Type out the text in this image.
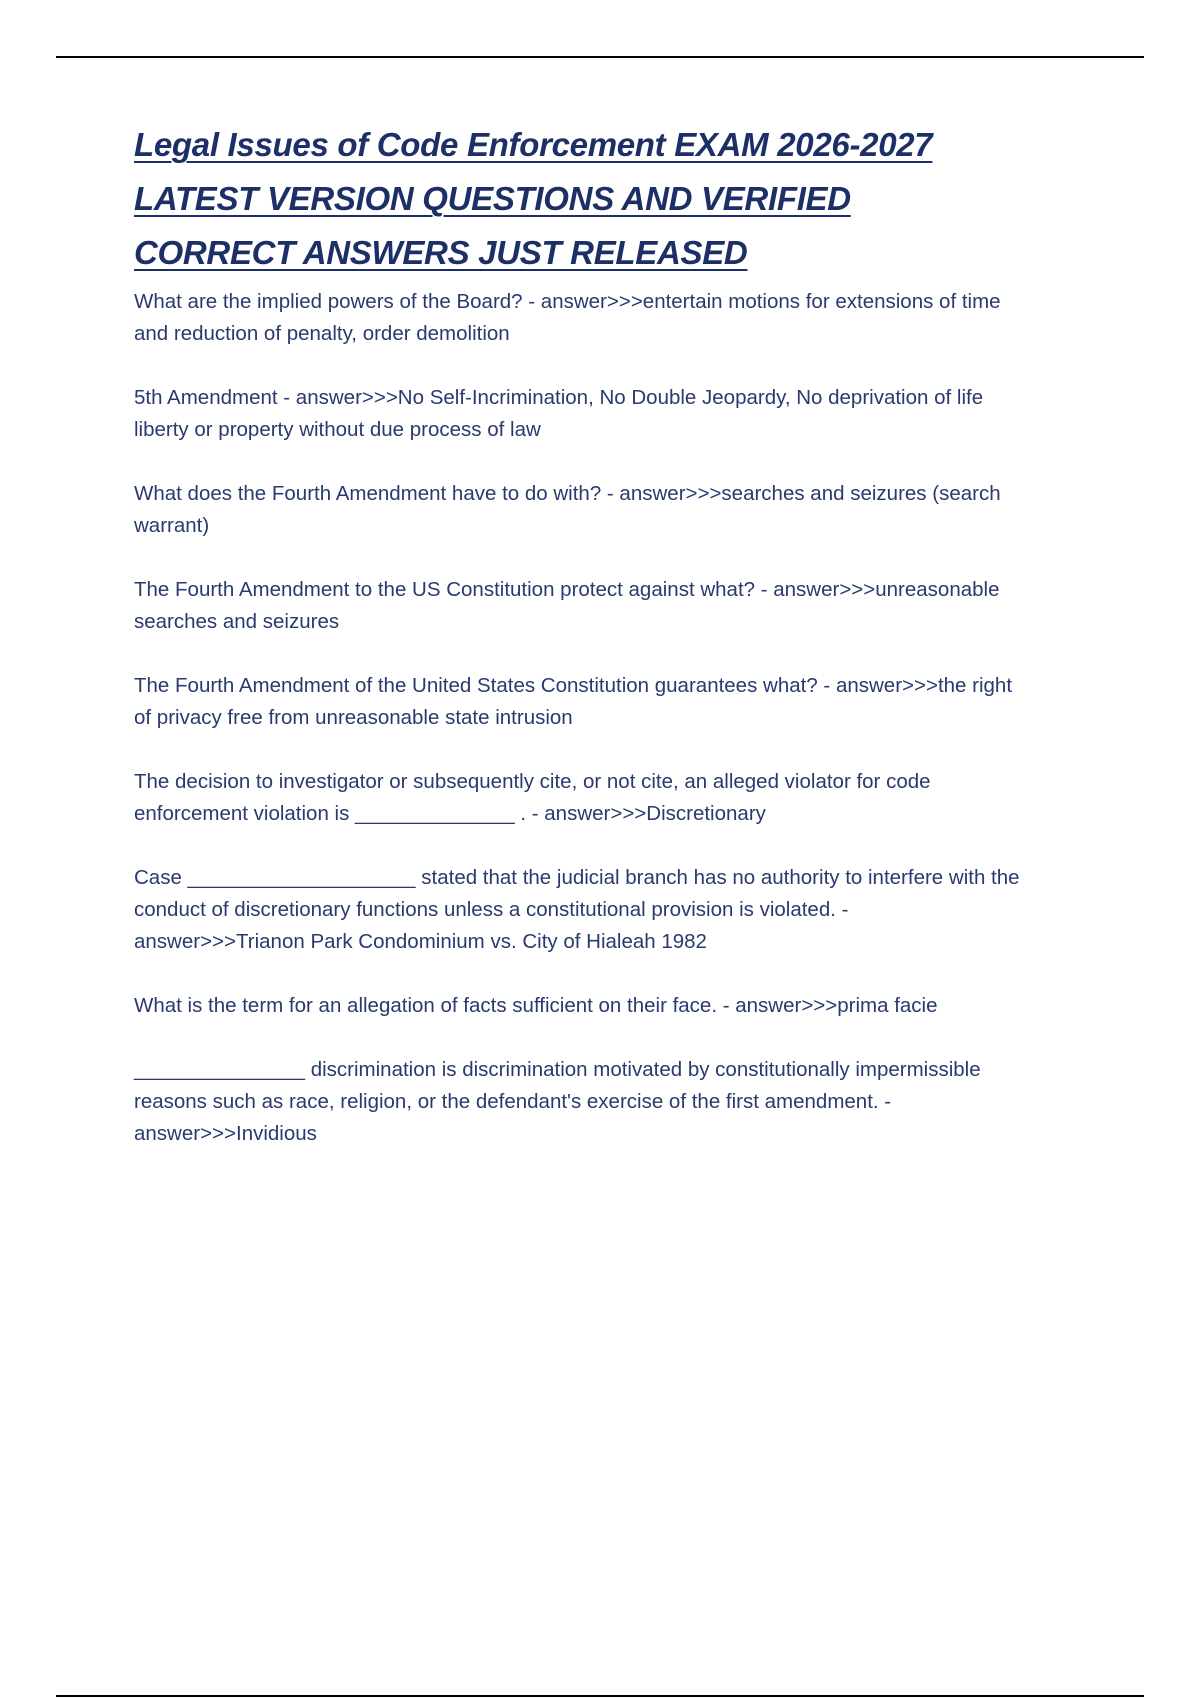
Legal Issues of Code Enforcement EXAM 2026-2027
LATEST VERSION QUESTIONS AND VERIFIED
CORRECT ANSWERS JUST RELEASED
What are the implied powers of the Board? - answer>>>entertain motions for extensions of time and reduction of penalty, order demolition
5th Amendment - answer>>>No Self-Incrimination, No Double Jeopardy, No deprivation of life liberty or property without due process of law
What does the Fourth Amendment have to do with? - answer>>>searches and seizures (search warrant)
The Fourth Amendment to the US Constitution protect against what? - answer>>>unreasonable searches and seizures
The Fourth Amendment of the United States Constitution guarantees what? - answer>>>the right of privacy free from unreasonable state intrusion
The decision to investigator or subsequently cite, or not cite, an alleged violator for code enforcement violation is ______________ . - answer>>>Discretionary
Case ____________________ stated that the judicial branch has no authority to interfere with the conduct of discretionary functions unless a constitutional provision is violated. - answer>>>Trianon Park Condominium vs. City of Hialeah 1982
What is the term for an allegation of facts sufficient on their face. - answer>>>prima facie
_______________ discrimination is discrimination motivated by constitutionally impermissible reasons such as race, religion, or the defendant's exercise of the first amendment. - answer>>>Invidious
